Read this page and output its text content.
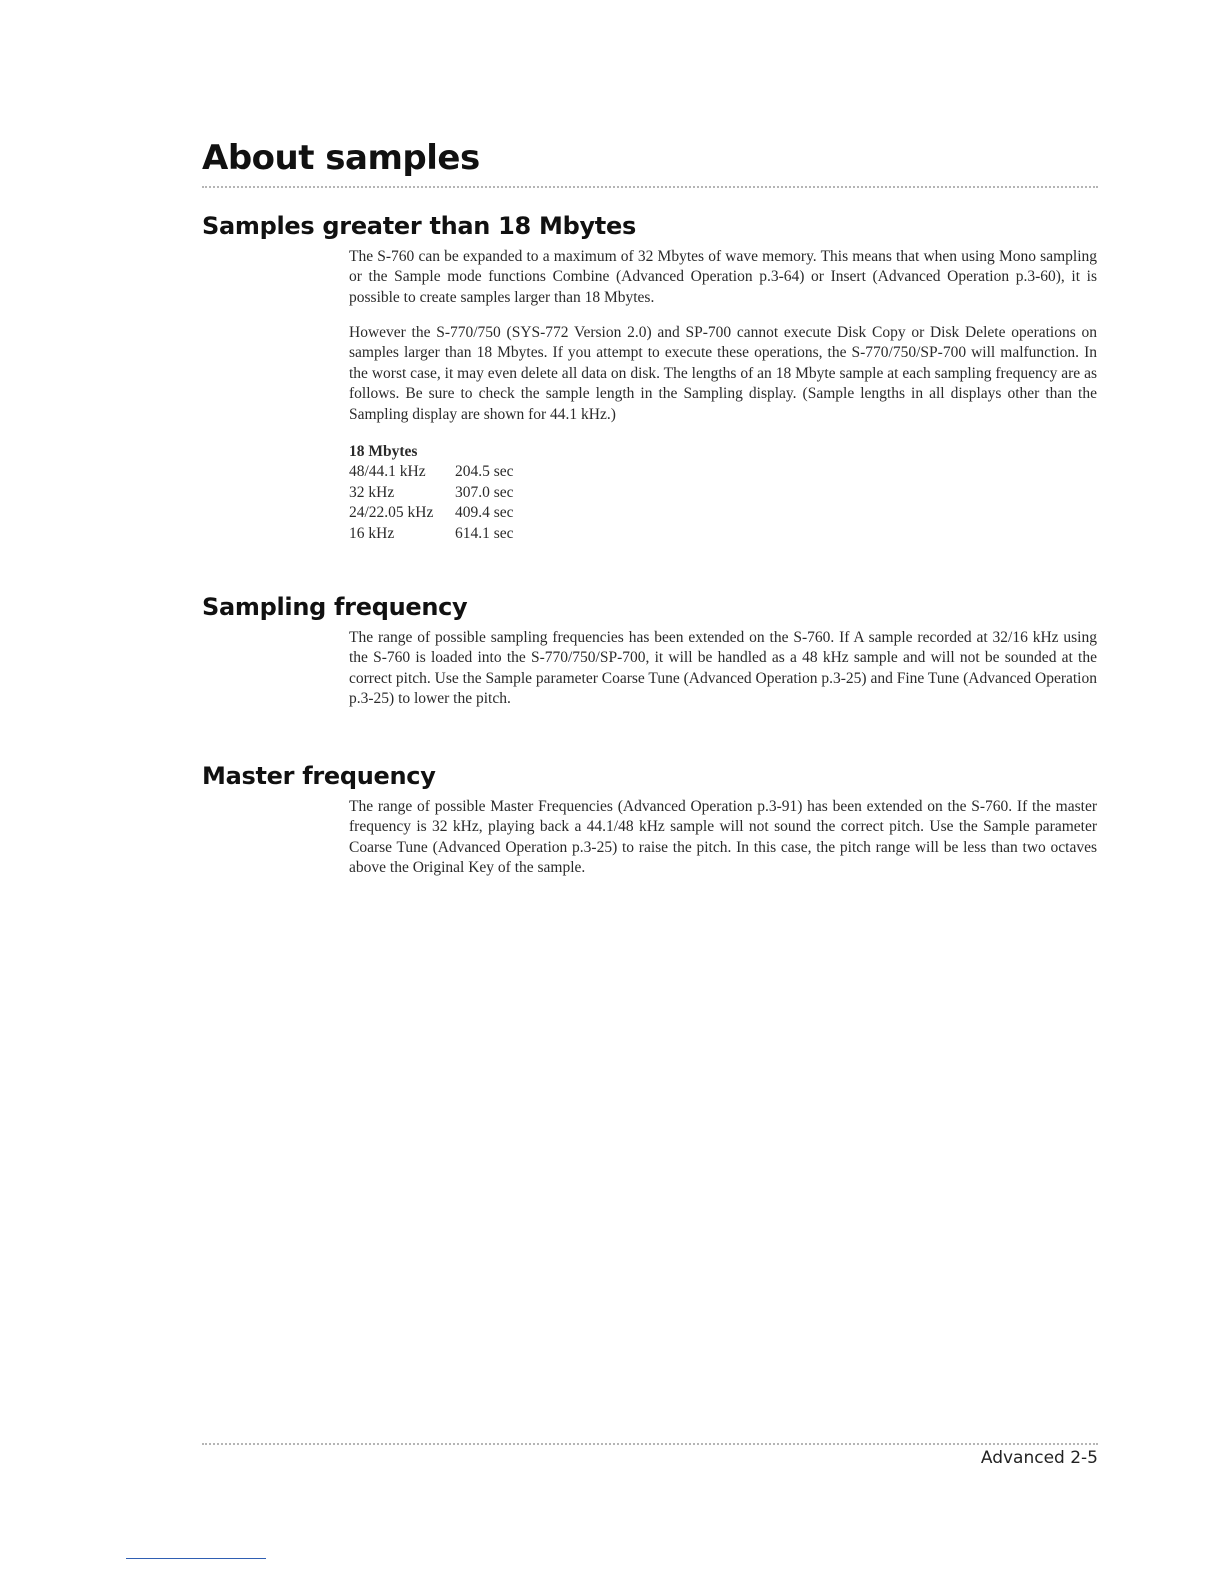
About samples
Samples greater than 18 Mbytes

The S-760 can be expanded to a maximum of 32 Mbytes of wave memory. This means that when using Mono sampling or the Sample mode functions Combine (Advanced Operation p.3-64) or Insert (Advanced Operation p.3-60), it is possible to create samples larger than 18 Mbytes.

However the S-770/750 (SYS-772 Version 2.0) and SP-700 cannot execute Disk Copy or Disk Delete operations on samples larger than 18 Mbytes. If you attempt to execute these operations, the S-770/750/SP-700 will malfunction. In the worst case, it may even delete all data on disk. The lengths of an 18 Mbyte sample at each sampling frequency are as follows. Be sure to check the sample length in the Sampling display. (Sample lengths in all displays other than the Sampling display are shown for 44.1 kHz.)

18 Mbytes
48/44.1 kHz	204.5 sec
32 kHz	307.0 sec
24/22.05 kHz	409.4 sec
16 kHz	614.1 sec
Sampling frequency

The range of possible sampling frequencies has been extended on the S-760. If A sample recorded at 32/16 kHz using the S-760 is loaded into the S-770/750/SP-700, it will be handled as a 48 kHz sample and will not be sounded at the correct pitch. Use the Sample parameter Coarse Tune (Advanced Operation p.3-25) and Fine Tune (Advanced Operation p.3-25) to lower the pitch.

Master frequency

The range of possible Master Frequencies (Advanced Operation p.3-91) has been extended on the S-760. If the master frequency is 32 kHz, playing back a 44.1/48 kHz sample will not sound the correct pitch. Use the Sample parameter Coarse Tune (Advanced Operation p.3-25) to raise the pitch. In this case, the pitch range will be less than two octaves above the Original Key of the sample.

Advanced 2-5
